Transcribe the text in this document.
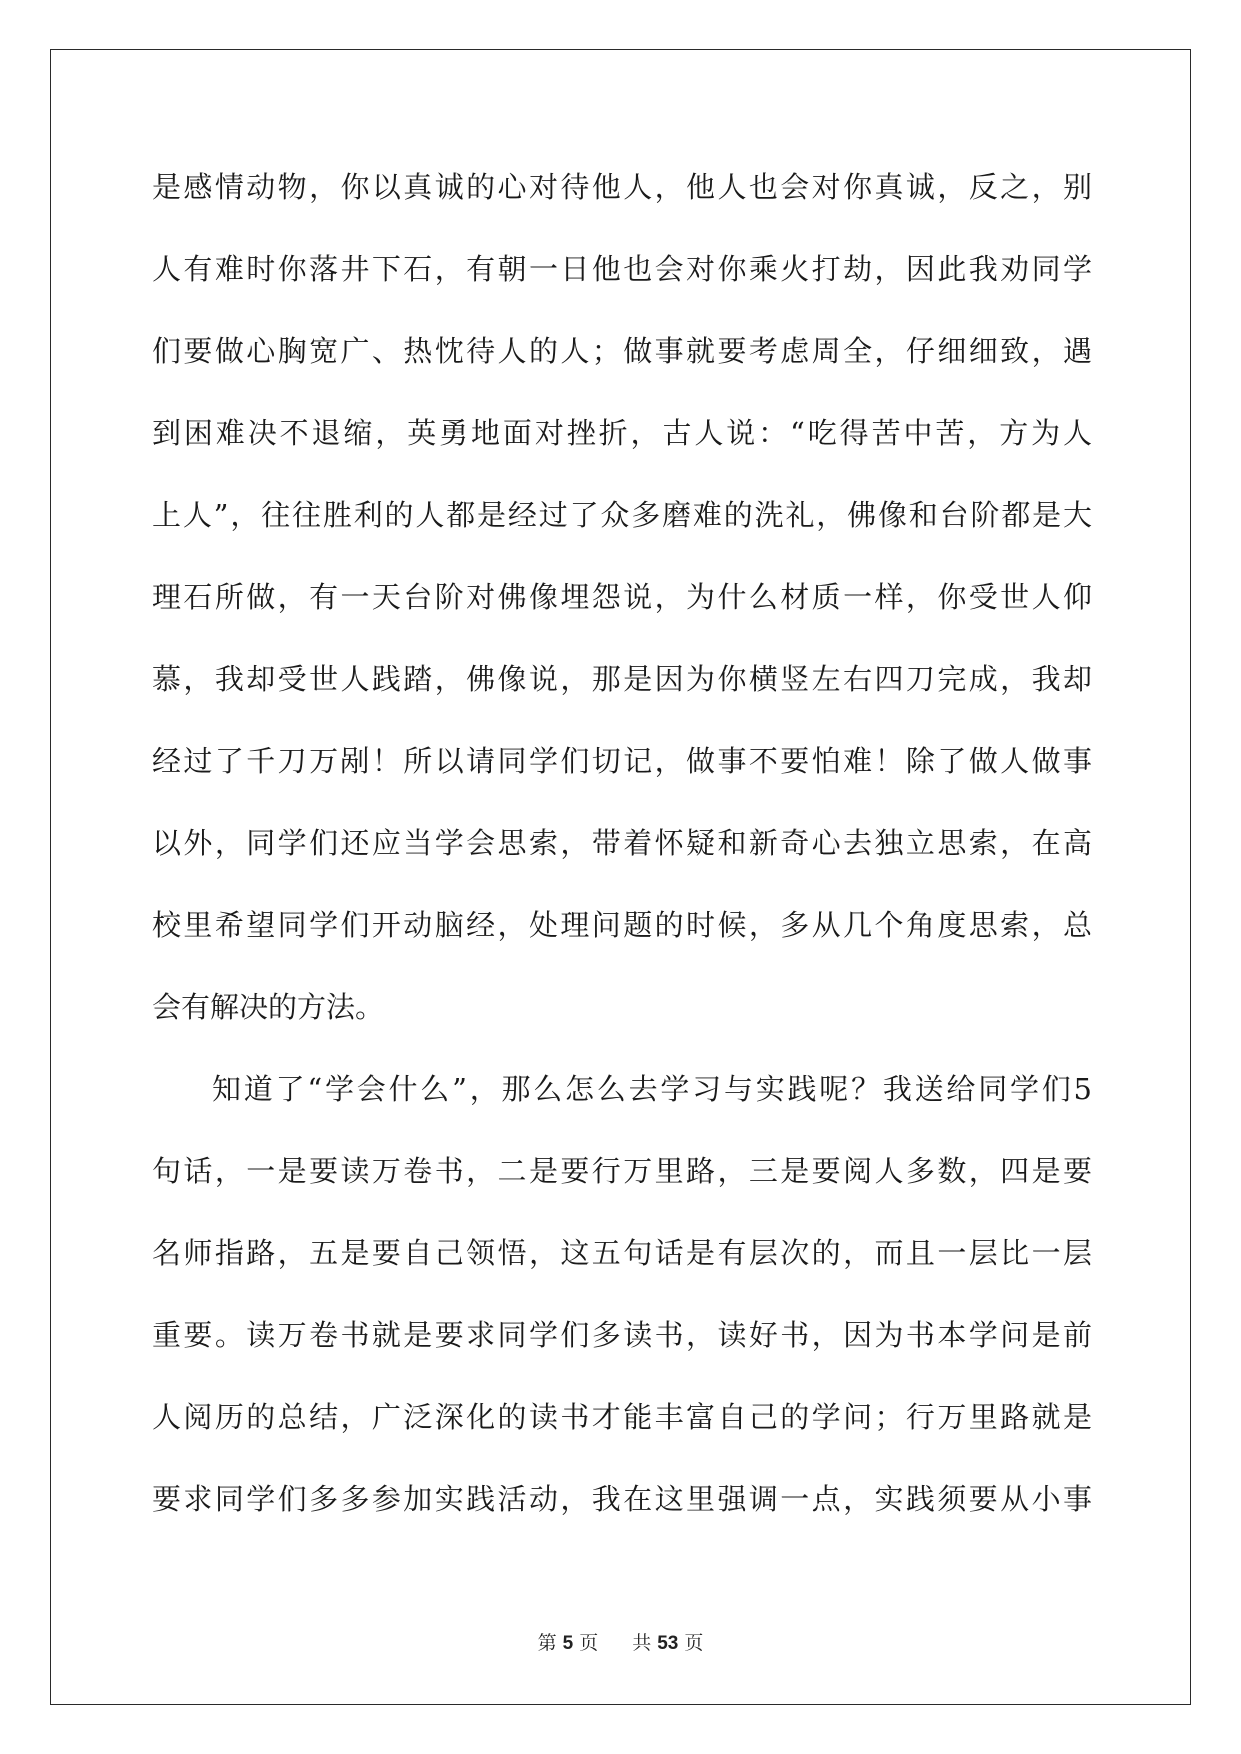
是感情动物，你以真诚的心对待他人，他人也会对你真诚，反之，别
人有难时你落井下石，有朝一日他也会对你乘火打劫，因此我劝同学
们要做心胸宽广、热忱待人的人；做事就要考虑周全，仔细细致，遇
到困难决不退缩，英勇地面对挫折，古人说：“吃得苦中苦，方为人
上人”，往往胜利的人都是经过了众多磨难的洗礼，佛像和台阶都是大
理石所做，有一天台阶对佛像埋怨说，为什么材质一样，你受世人仰
慕，我却受世人践踏，佛像说，那是因为你横竖左右四刀完成，我却
经过了千刀万剐！所以请同学们切记，做事不要怕难！除了做人做事
以外，同学们还应当学会思索，带着怀疑和新奇心去独立思索，在高
校里希望同学们开动脑经，处理问题的时候，多从几个角度思索，总
会有解决的方法。
知道了“学会什么”，那么怎么去学习与实践呢？我送给同学们5
句话，一是要读万卷书，二是要行万里路，三是要阅人多数，四是要
名师指路，五是要自己领悟，这五句话是有层次的，而且一层比一层
重要。读万卷书就是要求同学们多读书，读好书，因为书本学问是前
人阅历的总结，广泛深化的读书才能丰富自己的学问；行万里路就是
要求同学们多多参加实践活动，我在这里强调一点，实践须要从小事
第 5 页 共 53 页
